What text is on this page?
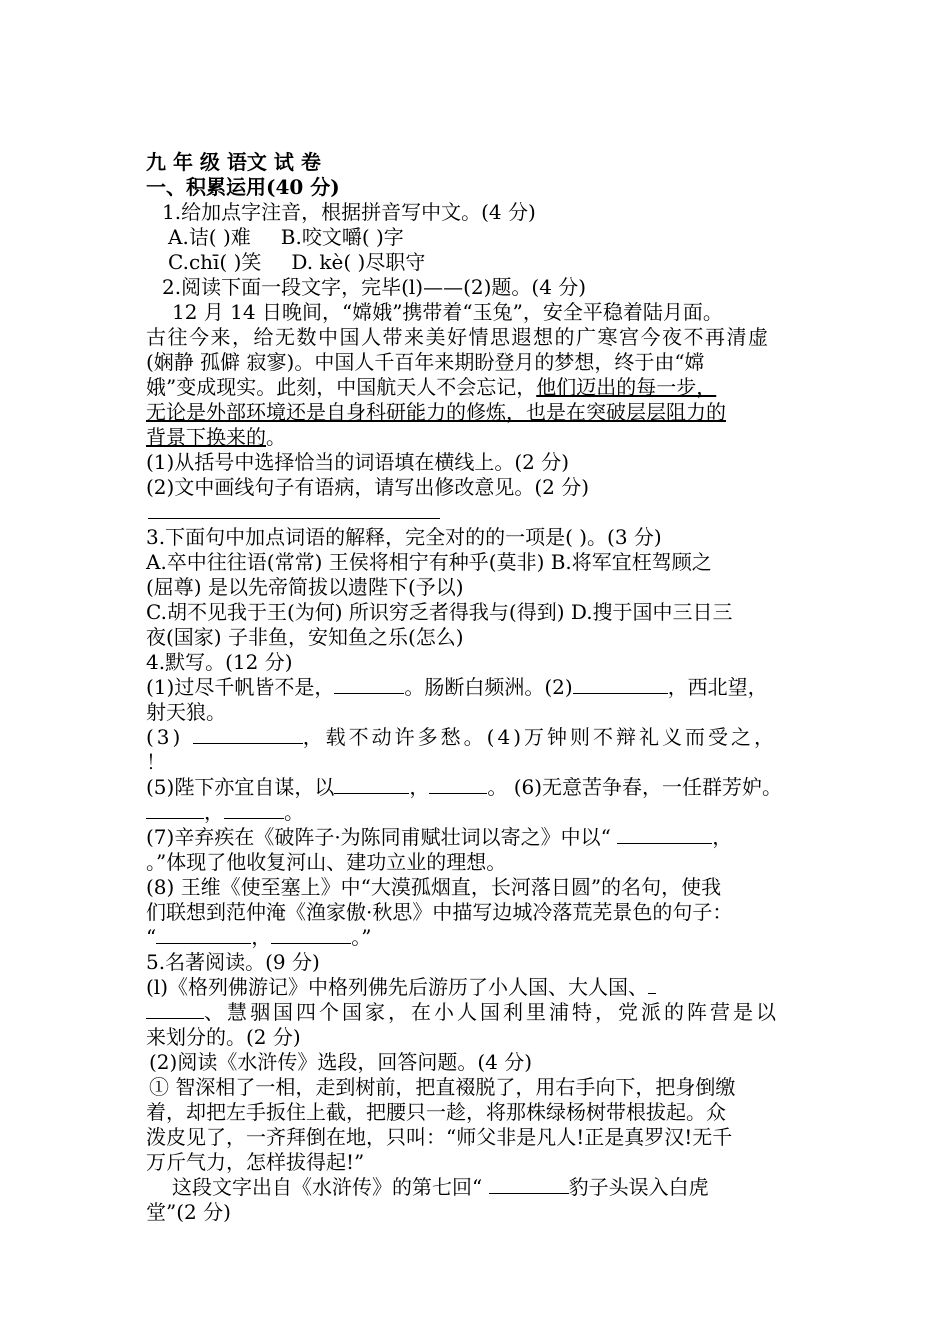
九 年 级 语文 试 卷
一、积累运用(40 分)
1.给加点字注音，根据拼音写中文。(4 分)
A.诘( )难 B.咬文嚼( )字
C.chī( )笑 D. kè( )尽职守
2.阅读下面一段文字，完毕(l)——(2)题。(4 分)
12 月 14 日晚间，“嫦娥”携带着“玉兔”，安全平稳着陆月面。
古往今来，给无数中国人带来美好情思遐想的广寒宫今夜不再清虚
(娴静 孤僻 寂寥)。中国人千百年来期盼登月的梦想，终于由“嫦
娥”变成现实。此刻，中国航天人不会忘记，他们迈出的每一步，
无论是外部环境还是自身科研能力的修炼，也是在突破层层阻力的
背景下换来的。
(1)从括号中选择恰当的词语填在横线上。(2 分)
(2)文中画线句子有语病，请写出修改意见。(2 分)
3.下面句中加点词语的解释，完全对的的一项是( )。(3 分)
A.卒中往往语(常常) 王侯将相宁有种乎(莫非) B.将军宜枉驾顾之
(屈尊) 是以先帝简拔以遗陛下(予以)
C.胡不见我于王(为何) 所识穷乏者得我与(得到) D.搜于国中三日三
夜(国家) 子非鱼，安知鱼之乐(怎么)
4.默写。(12 分)
(1)过尽千帆皆不是，	。肠断白频洲。(2)	，西北望，
射天狼。
(3)	，载不动许多愁。(4)万钟则不辩礼义而受之，
！
(5)陛下亦宜自谋，以	，	。 (6)无意苦争春，一任群芳妒。
，	。
(7)辛弃疾在《破阵子·为陈同甫赋壮词以寄之》中以“	，
。”体现了他收复河山、建功立业的理想。
(8) 王维《使至塞上》中“大漠孤烟直，长河落日圆”的名句，使我
们联想到范仲淹《渔家傲·秋思》中描写边城冷落荒芜景色的句子：
“	，	。”
5.名著阅读。(9 分)
(l)《格列佛游记》中格列佛先后游历了小人国、大人国、
、慧骃国四个国家，在小人国利里浦特，党派的阵营是以
来划分的。(2 分)
(2)阅读《水浒传》选段，回答问题。(4 分)
① 智深相了一相，走到树前，把直裰脱了，用右手向下，把身倒缴
着，却把左手扳住上截，把腰只一趁，将那株绿杨树带根拔起。众
泼皮见了，一齐拜倒在地，只叫：“师父非是凡人!正是真罗汉!无千
万斤气力，怎样拔得起!”
这段文字出自《水浒传》的第七回“	豹子头误入白虎
堂”(2 分)
